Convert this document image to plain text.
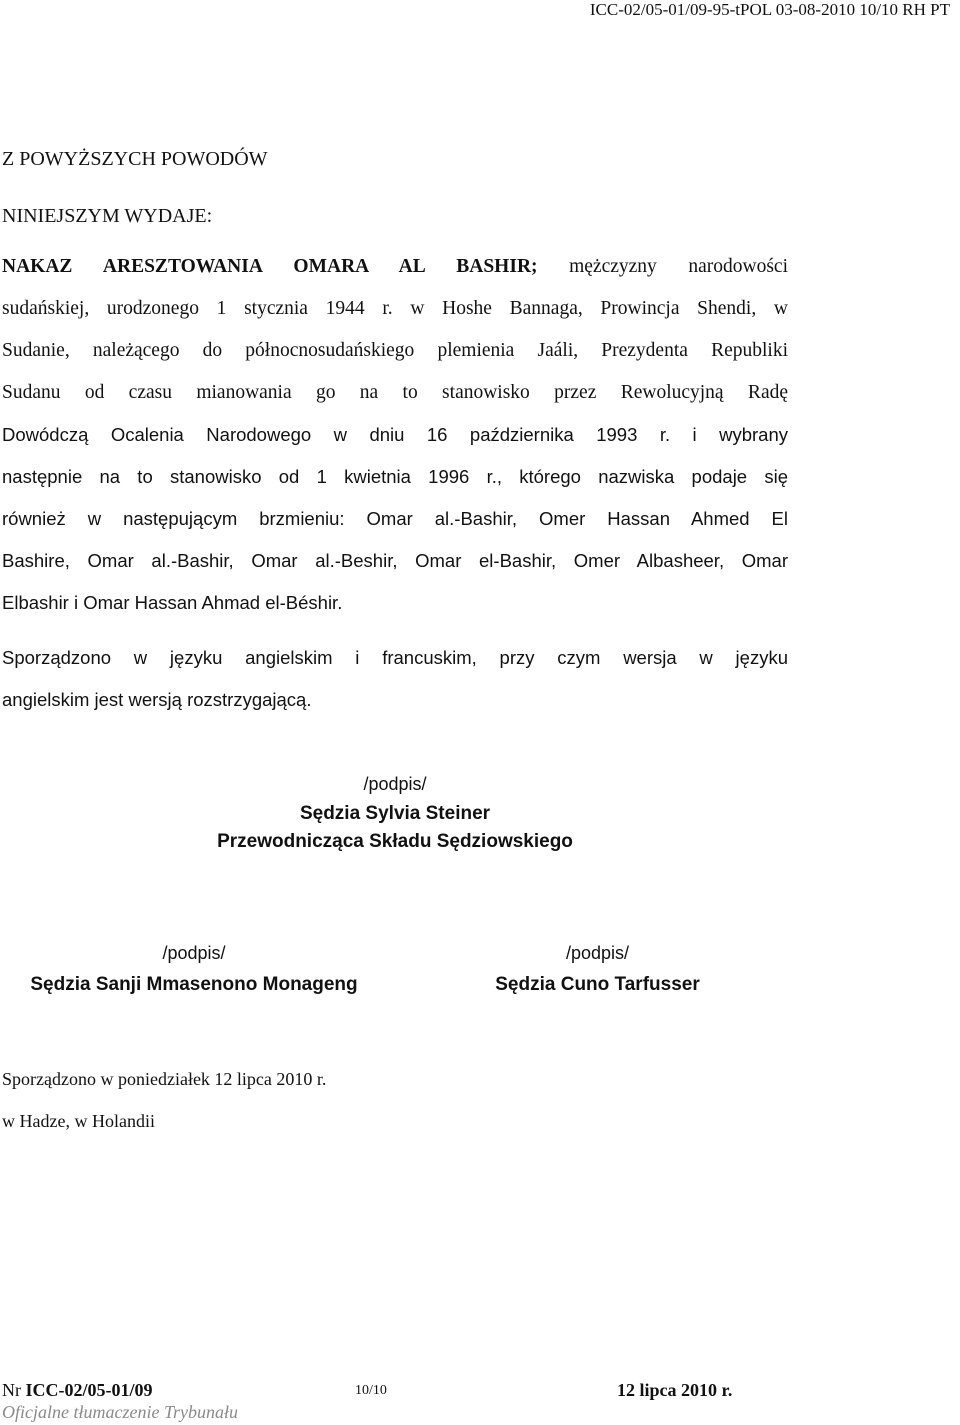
ICC-02/05-01/09-95-tPOL 03-08-2010 10/10 RH PT
Z POWYŻSZYCH POWODÓW
NINIEJSZYM WYDAJE:
NAKAZ ARESZTOWANIA OMARA AL BASHIR; mężczyzny narodowości
sudańskiej, urodzonego 1 stycznia 1944 r. w Hoshe Bannaga, Prowincja Shendi, w
Sudanie, należącego do północnosudańskiego plemienia Jaáli, Prezydenta Republiki
Sudanu od czasu mianowania go na to stanowisko przez Rewolucyjną Radę
Dowódczą Ocalenia Narodowego w dniu 16 października 1993 r. i wybrany
następnie na to stanowisko od 1 kwietnia 1996 r., którego nazwiska podaje się
również w następującym brzmieniu: Omar al.-Bashir, Omer Hassan Ahmed El
Bashire, Omar al.-Bashir, Omar al.-Beshir, Omar el-Bashir, Omer Albasheer, Omar
Elbashir i Omar Hassan Ahmad el-Béshir.
Sporządzono w języku angielskim i francuskim, przy czym wersja w języku
angielskim jest wersją rozstrzygającą.
/podpis/
Sędzia Sylvia Steiner
Przewodnicząca Składu Sędziowskiego
/podpis/
Sędzia Sanji Mmasenono Monageng
/podpis/
Sędzia Cuno Tarfusser
Sporządzono w poniedziałek 12 lipca 2010 r.
w Hadze, w Holandii
Nr ICC-02/05-01/09	10/10	12 lipca 2010 r.
Oficjalne tłumaczenie Trybunału
